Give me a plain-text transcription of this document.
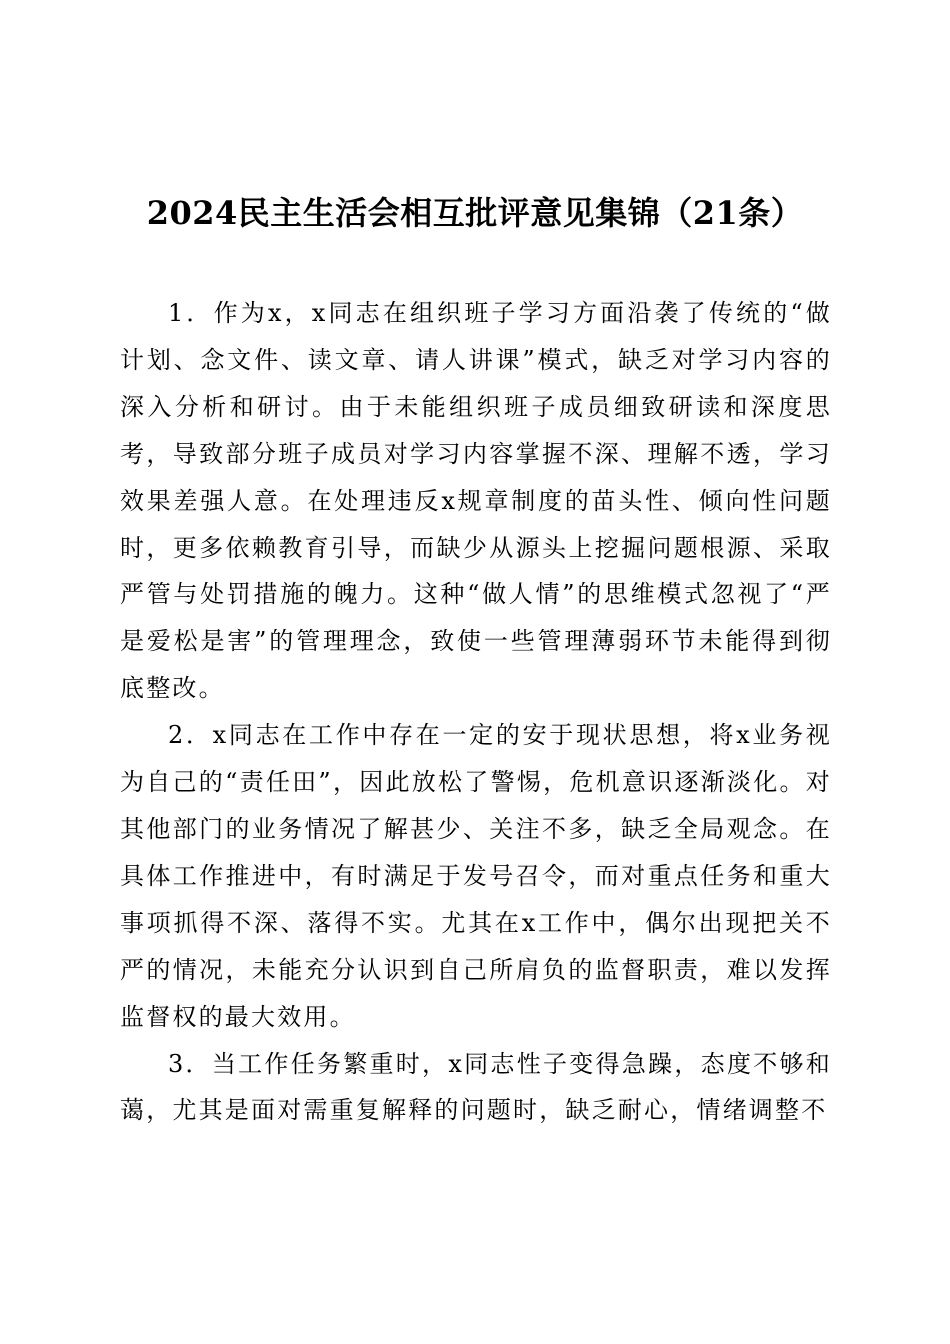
2024民主生活会相互批评意见集锦（21条）

1．作为x，x同志在组织班子学习方面沿袭了传统的“做计划、念文件、读文章、请人讲课”模式，缺乏对学习内容的深入分析和研讨。由于未能组织班子成员细致研读和深度思考，导致部分班子成员对学习内容掌握不深、理解不透，学习效果差强人意。在处理违反x规章制度的苗头性、倾向性问题时，更多依赖教育引导，而缺少从源头上挖掘问题根源、采取严管与处罚措施的魄力。这种“做人情”的思维模式忽视了“严是爱松是害”的管理理念，致使一些管理薄弱环节未能得到彻底整改。

2．x同志在工作中存在一定的安于现状思想，将x业务视为自己的“责任田”，因此放松了警惕，危机意识逐渐淡化。对其他部门的业务情况了解甚少、关注不多，缺乏全局观念。在具体工作推进中，有时满足于发号召令，而对重点任务和重大事项抓得不深、落得不实。尤其在x工作中，偶尔出现把关不严的情况，未能充分认识到自己所肩负的监督职责，难以发挥监督权的最大效用。

3．当工作任务繁重时，x同志性子变得急躁，态度不够和蔼，尤其是面对需重复解释的问题时，缺乏耐心，情绪调整不
